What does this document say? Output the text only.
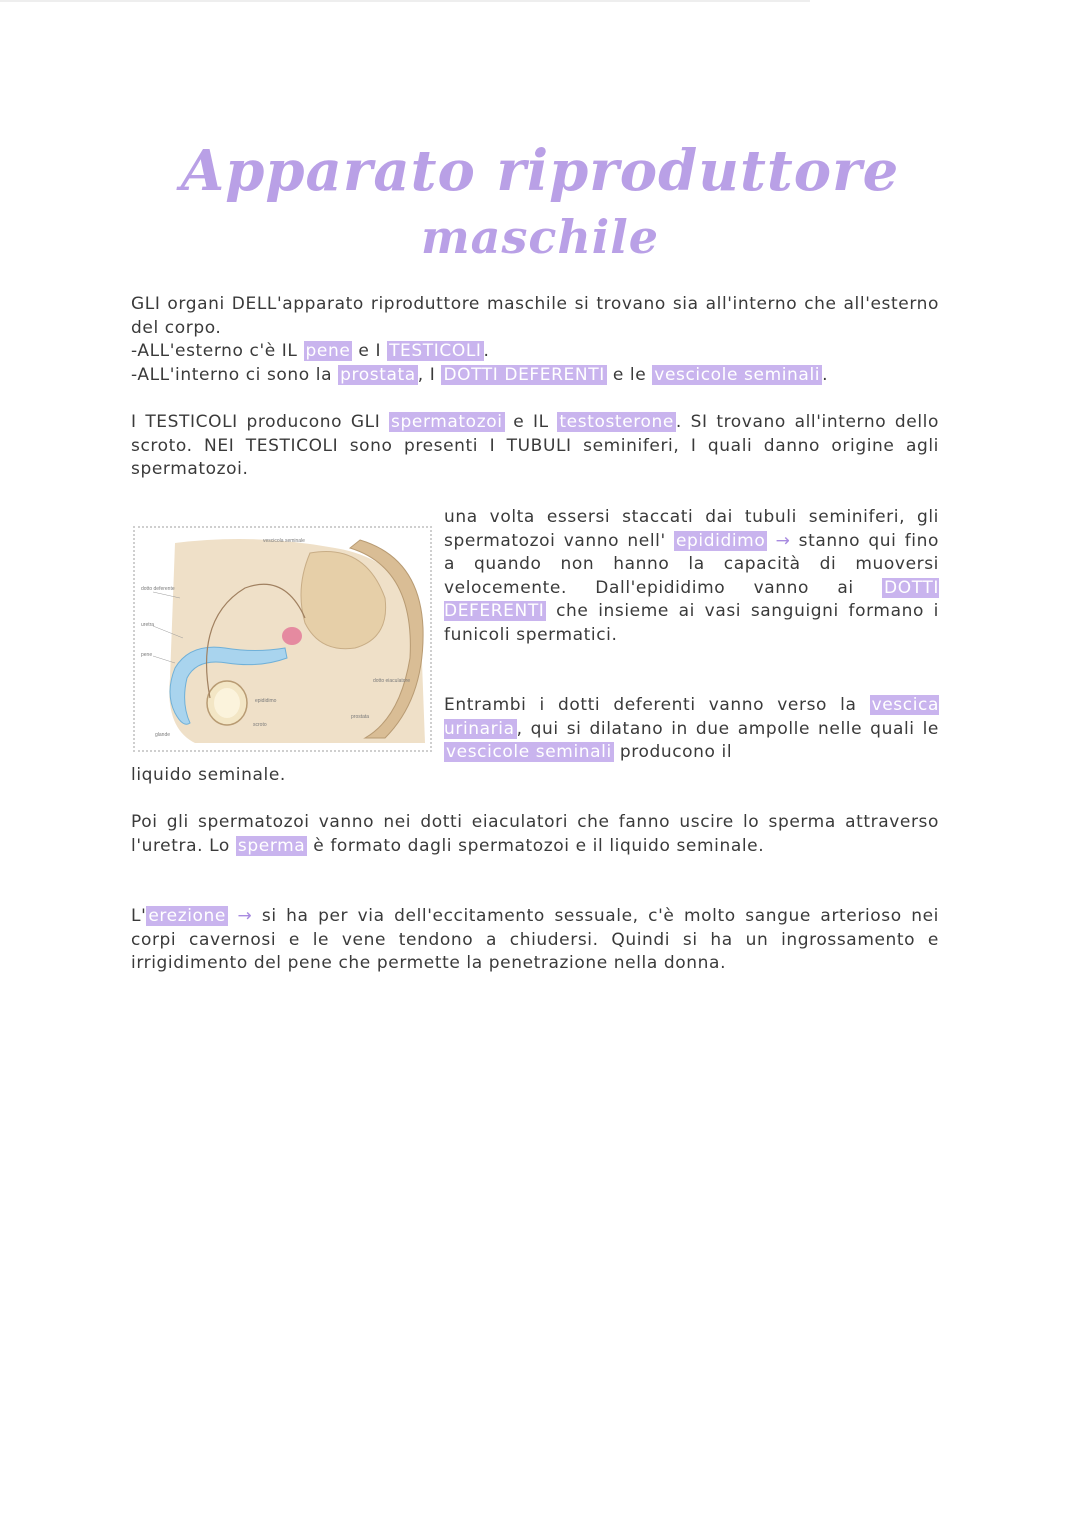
Apparato riproduttore
maschile

GLI organi DELL'apparato riproduttore maschile si trovano sia all'interno che all'esterno del corpo.
-ALL'esterno c'è IL pene e I TESTICOLI .
-ALL'interno ci sono la prostata , I DOTTI DEFERENTI e le vescicole seminali .

I TESTICOLI producono GLI spermatozoi e IL testosterone . SI trovano all'interno dello scroto. NEI TESTICOLI sono presenti I TUBULI seminiferi, I quali danno origine agli spermatozoi.

vescicola seminale
dotto deferente
uretra
pene
epididimo
scroto
glande
prostata
dotto eiaculatore

una volta essersi staccati dai tubuli seminiferi, gli spermatozoi vanno nell' epididimo → stanno qui fino a quando non hanno la capacità di muoversi velocemente. Dall'epididimo vanno ai DOTTI DEFERENTI che insieme ai vasi sanguigni formano i funicoli spermatici.

Entrambi i dotti deferenti vanno verso la vescica urinaria , qui si dilatano in due ampolle nelle quali le vescicole seminali producono il

liquido seminale.

Poi gli spermatozoi vanno nei dotti eiaculatori che fanno uscire lo sperma attraverso l'uretra. Lo sperma è formato dagli spermatozoi e il liquido seminale.

L' erezione → si ha per via dell'eccitamento sessuale, c'è molto sangue arterioso nei corpi cavernosi e le vene tendono a chiudersi. Quindi si ha un ingrossamento e irrigidimento del pene che permette la penetrazione nella donna.
